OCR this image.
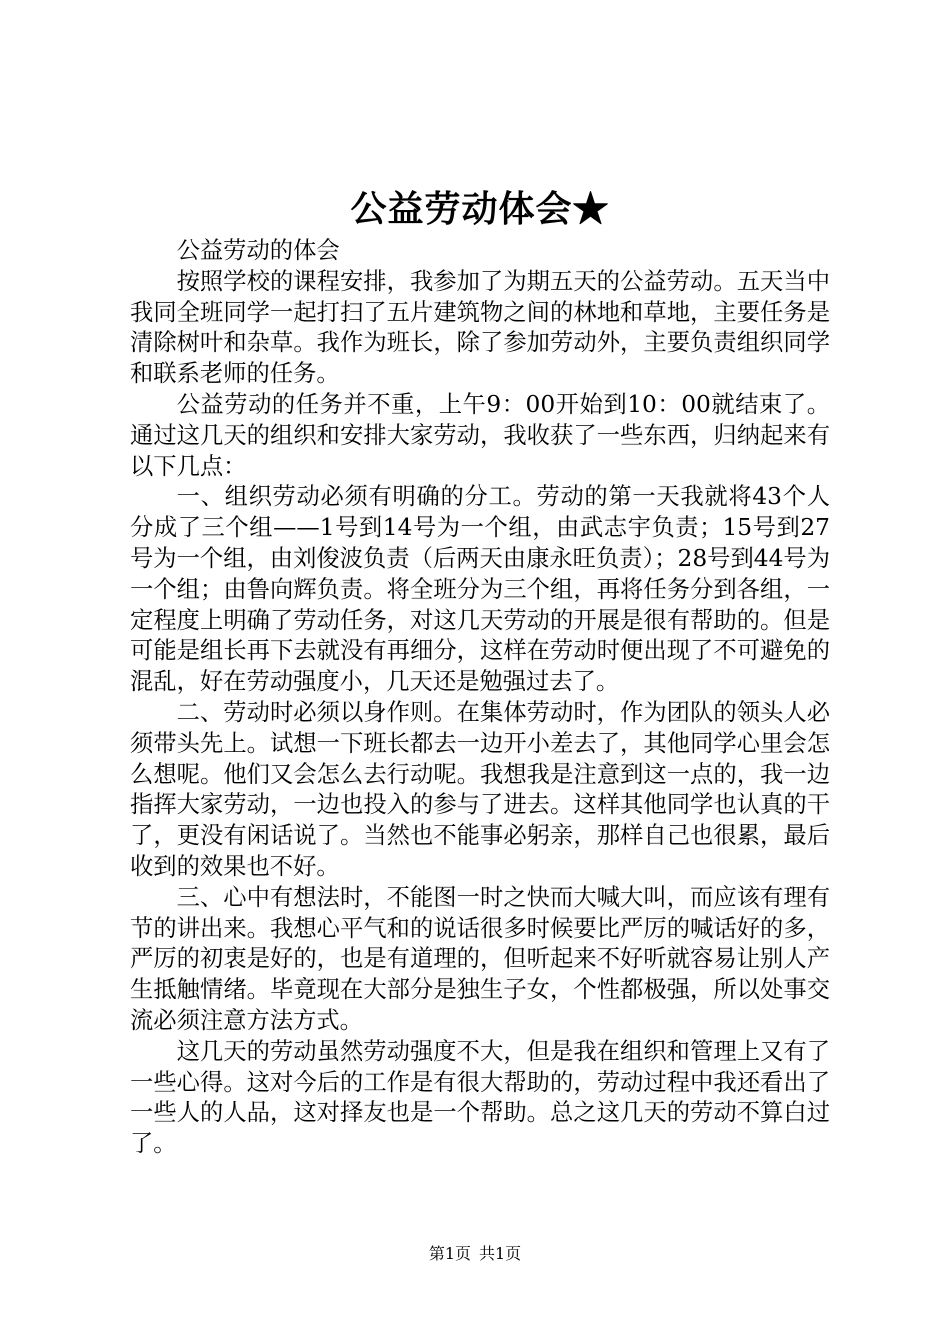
公益劳动体会★

公益劳动的体会

按照学校的课程安排，我参加了为期五天的公益劳动。五天当中我同全班同学一起打扫了五片建筑物之间的林地和草地，主要任务是清除树叶和杂草。我作为班长，除了参加劳动外，主要负责组织同学和联系老师的任务。

公益劳动的任务并不重，上午9：00开始到10：00就结束了。通过这几天的组织和安排大家劳动，我收获了一些东西，归纳起来有以下几点：

一、组织劳动必须有明确的分工。劳动的第一天我就将43个人分成了三个组——1号到14号为一个组，由武志宇负责；15号到27号为一个组，由刘俊波负责（后两天由康永旺负责）；28号到44号为一个组；由鲁向辉负责。将全班分为三个组，再将任务分到各组，一定程度上明确了劳动任务，对这几天劳动的开展是很有帮助的。但是可能是组长再下去就没有再细分，这样在劳动时便出现了不可避免的混乱，好在劳动强度小，几天还是勉强过去了。

二、劳动时必须以身作则。在集体劳动时，作为团队的领头人必须带头先上。试想一下班长都去一边开小差去了，其他同学心里会怎么想呢。他们又会怎么去行动呢。我想我是注意到这一点的，我一边指挥大家劳动，一边也投入的参与了进去。这样其他同学也认真的干了，更没有闲话说了。当然也不能事必躬亲，那样自己也很累，最后收到的效果也不好。

三、心中有想法时，不能图一时之快而大喊大叫，而应该有理有节的讲出来。我想心平气和的说话很多时候要比严厉的喊话好的多，严厉的初衷是好的，也是有道理的，但听起来不好听就容易让别人产生抵触情绪。毕竟现在大部分是独生子女，个性都极强，所以处事交流必须注意方法方式。

这几天的劳动虽然劳动强度不大，但是我在组织和管理上又有了一些心得。这对今后的工作是有很大帮助的，劳动过程中我还看出了一些人的人品，这对择友也是一个帮助。总之这几天的劳动不算白过了。

第1页 共1页
